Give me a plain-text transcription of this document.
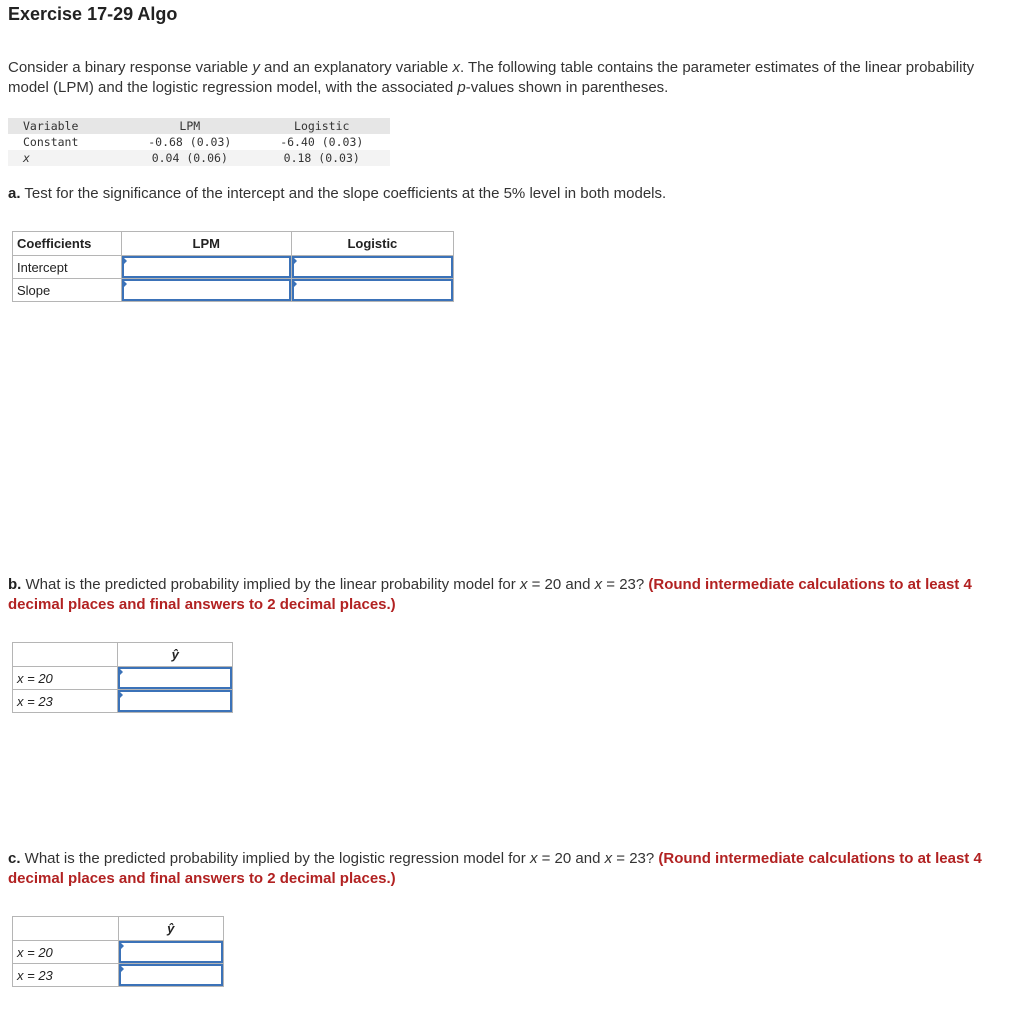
Exercise 17-29 Algo
Consider a binary response variable y and an explanatory variable x. The following table contains the parameter estimates of the linear probability model (LPM) and the logistic regression model, with the associated p-values shown in parentheses.
Variable	LPM	Logistic
Constant	-0.68 (0.03)	-6.40 (0.03)
x	0.04 (0.06)	0.18 (0.03)
a. Test for the significance of the intercept and the slope coefficients at the 5% level in both models.
Coefficients	LPM	Logistic
Intercept	

Slope	

b. What is the predicted probability implied by the linear probability model for x = 20 and x = 23? (Round intermediate calculations to at least 4 decimal places and final answers to 2 decimal places.)
	ŷ
x = 20	

x = 23	
c. What is the predicted probability implied by the logistic regression model for x = 20 and x = 23? (Round intermediate calculations to at least 4 decimal places and final answers to 2 decimal places.)
	ŷ
x = 20	

x = 23	
